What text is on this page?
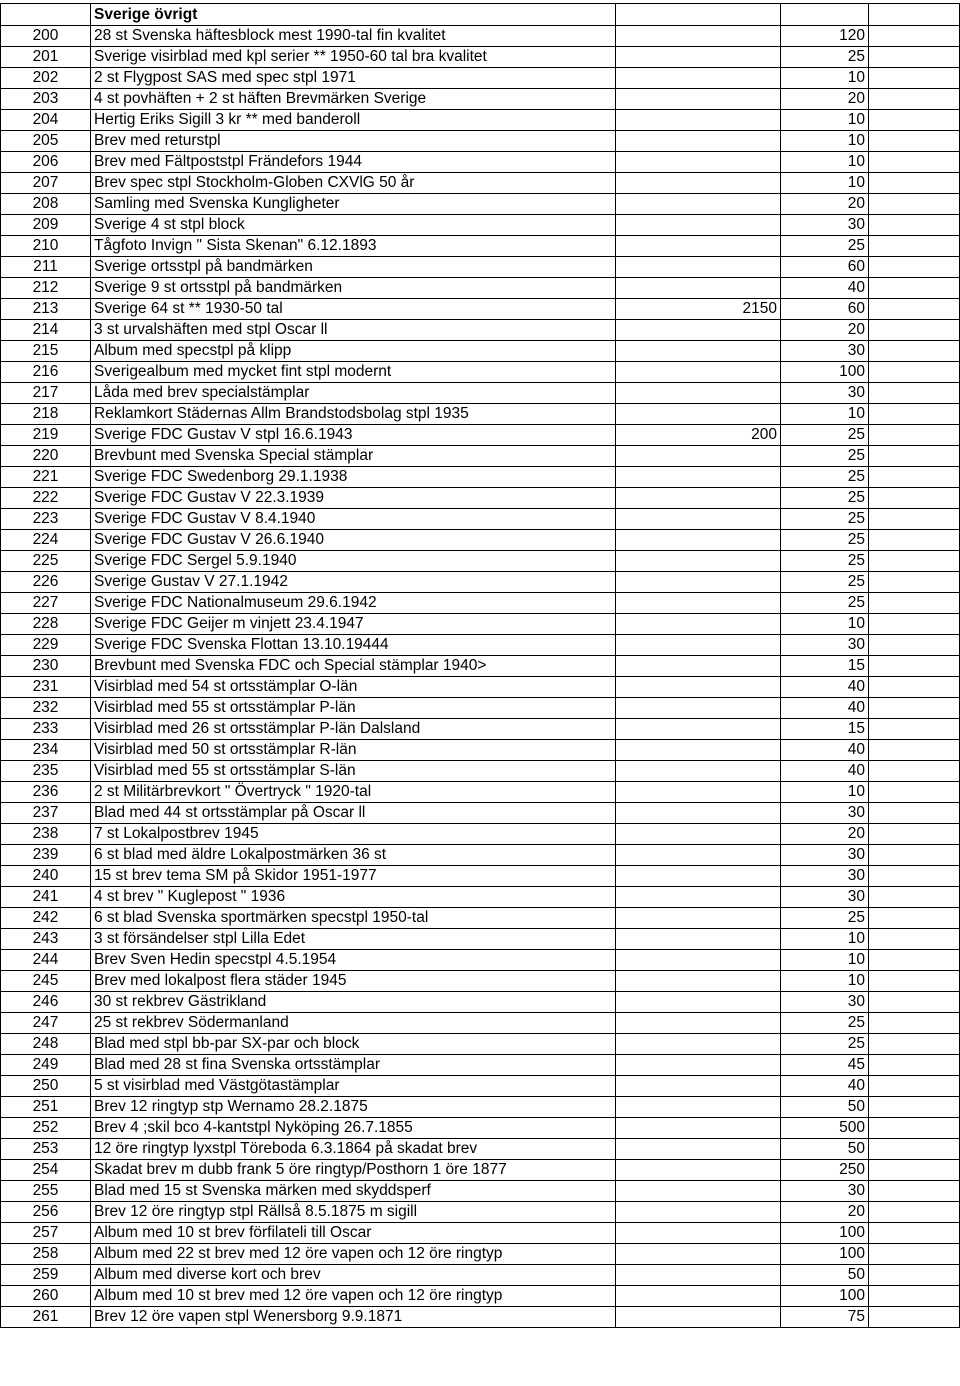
	Sverige övrigt			
200	28 st Svenska häftesblock mest 1990-tal fin kvalitet		120	
201	Sverige visirblad med kpl serier ** 1950-60 tal bra kvalitet		25	
202	2 st Flygpost SAS med spec stpl 1971		10	
203	4 st povhäften + 2 st häften Brevmärken Sverige		20	
204	Hertig Eriks Sigill 3 kr ** med banderoll		10	
205	Brev med returstpl		10	
206	Brev med Fältpoststpl Frändefors 1944		10	
207	Brev spec stpl Stockholm-Globen CXVlG 50 år		10	
208	Samling med Svenska Kungligheter		20	
209	Sverige 4 st stpl block		30	
210	Tågfoto Invign " Sista Skenan" 6.12.1893		25	
211	Sverige ortsstpl på bandmärken		60	
212	Sverige 9 st ortsstpl på bandmärken		40	
213	Sverige 64 st ** 1930-50 tal	2150	60	
214	3 st urvalshäften med stpl Oscar ll		20	
215	Album med specstpl på klipp		30	
216	Sverigealbum med mycket fint stpl modernt		100	
217	Låda med brev specialstämplar		30	
218	Reklamkort Städernas Allm Brandstodsbolag stpl 1935		10	
219	Sverige FDC Gustav V stpl 16.6.1943	200	25	
220	Brevbunt med Svenska Special stämplar		25	
221	Sverige FDC Swedenborg 29.1.1938		25	
222	Sverige FDC Gustav V 22.3.1939		25	
223	Sverige FDC Gustav V 8.4.1940		25	
224	Sverige FDC Gustav V 26.6.1940		25	
225	Sverige FDC Sergel 5.9.1940		25	
226	Sverige Gustav V 27.1.1942		25	
227	Sverige FDC Nationalmuseum 29.6.1942		25	
228	Sverige FDC Geijer m vinjett 23.4.1947		10	
229	Sverige FDC Svenska Flottan 13.10.19444		30	
230	Brevbunt med Svenska FDC och Special stämplar 1940>		15	
231	Visirblad med 54 st ortsstämplar O-län		40	
232	Visirblad med 55 st ortsstämplar P-län		40	
233	Visirblad med 26 st ortsstämplar P-län Dalsland		15	
234	Visirblad med 50 st ortsstämplar R-län		40	
235	Visirblad med 55 st ortsstämplar S-län		40	
236	2 st Militärbrevkort " Övertryck " 1920-tal		10	
237	Blad med 44 st ortsstämplar på Oscar ll		30	
238	7 st Lokalpostbrev 1945		20	
239	6 st blad med äldre Lokalpostmärken 36 st		30	
240	15 st brev tema SM på Skidor 1951-1977		30	
241	4 st brev " Kuglepost " 1936		30	
242	6 st blad Svenska sportmärken specstpl 1950-tal		25	
243	3 st försändelser stpl Lilla Edet		10	
244	Brev Sven Hedin specstpl 4.5.1954		10	
245	Brev med lokalpost flera städer 1945		10	
246	30 st rekbrev Gästrikland		30	
247	25 st rekbrev Södermanland		25	
248	Blad med stpl bb-par SX-par och block		25	
249	Blad med 28 st fina Svenska ortsstämplar		45	
250	5 st visirblad med Västgötastämplar		40	
251	Brev 12 ringtyp stp Wernamo 28.2.1875		50	
252	Brev 4 ;skil bco 4-kantstpl Nyköping 26.7.1855		500	
253	12 öre ringtyp lyxstpl Töreboda 6.3.1864 på skadat brev		50	
254	Skadat brev m dubb frank 5 öre ringtyp/Posthorn 1 öre 1877		250	
255	Blad med 15 st Svenska märken med skyddsperf		30	
256	Brev 12 öre ringtyp stpl Rällså 8.5.1875 m sigill		20	
257	Album med 10 st brev förfilateli till Oscar		100	
258	Album med 22 st brev med 12 öre vapen och 12 öre ringtyp		100	
259	Album med diverse kort och brev		50	
260	Album med 10 st brev med 12 öre vapen och 12 öre ringtyp		100	
261	Brev 12 öre vapen stpl Wenersborg 9.9.1871		75	
